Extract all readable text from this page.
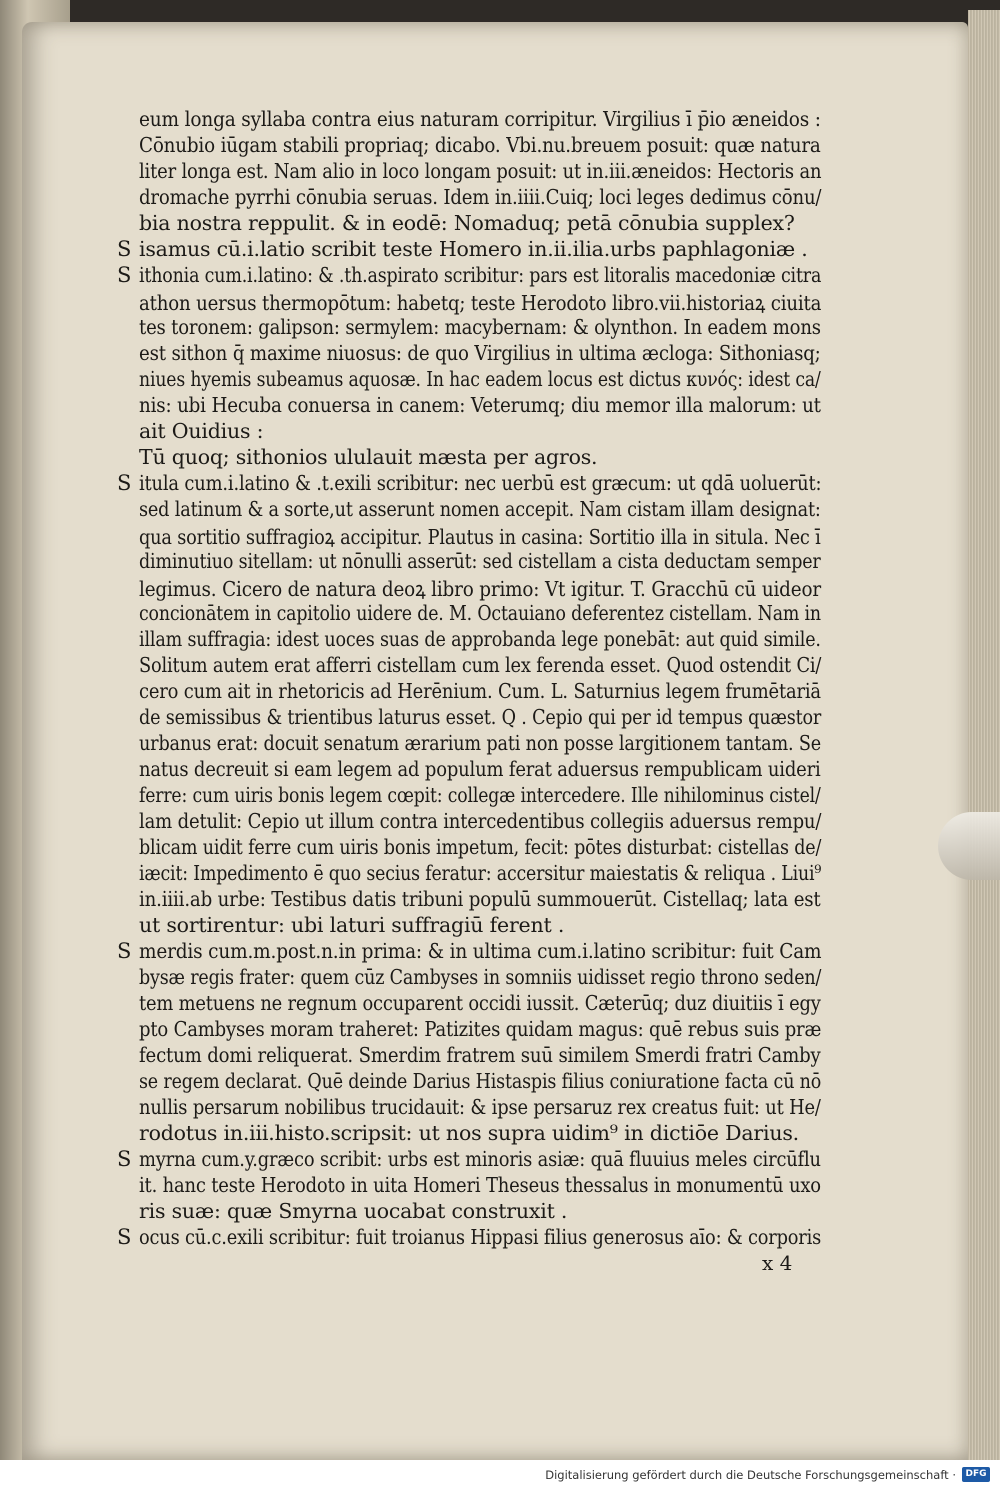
eum longa syllaba contra eius naturam corripitur. Virgilius ī p̄io æneidos :
Cōnubio iūgam stabili propriaq; dicabo. Vbi.nu.breuem posuit: quæ natura
liter longa est. Nam alio in loco longam posuit: ut in.iii.æneidos: Hectoris an
dromache pyrrhi cōnubia seruas. Idem in.iiii.Cuiq; loci leges dedimus cōnu/
bia nostra reppulit. & in eodē: Nomaduq; petā cōnubia supplex?
S isamus cū.i.latio scribit teste Homero in.ii.ilia.urbs paphlagoniæ .
S ithonia cum.i.latino: & .th.aspirato scribitur: pars est litoralis macedoniæ citra
athon uersus thermopōtum: habetq; teste Herodoto libro.vii.historiaꝝ ciuita
tes toronem: galipson: sermylem: macybernam: & olynthon. In eadem mons
est sithon q̄ maxime niuosus: de quo Virgilius in ultima æcloga: Sithoniasq;
niues hyemis subeamus aquosæ. In hac eadem locus est dictus κυνός: idest ca/
nis: ubi Hecuba conuersa in canem: Veterumq; diu memor illa malorum: ut
ait Ouidius :
Tū quoq; sithonios ululauit mæsta per agros.
S itula cum.i.latino & .t.exili scribitur: nec uerbū est græcum: ut qdā uoluerūt:
sed latinum & a sorte,ut asserunt nomen accepit. Nam cistam illam designat:
qua sortitio suffragioꝝ accipitur. Plautus in casina: Sortitio illa in situla. Nec ī
diminutiuo sitellam: ut nōnulli asserūt: sed cistellam a cista deductam semper
legimus. Cicero de natura deoꝝ libro primo: Vt igitur. T. Gracchū cū uideor
concionātem in capitolio uidere de. M. Octauiano deferentez cistellam. Nam in
illam suffragia: idest uoces suas de approbanda lege ponebāt: aut quid simile.
Solitum autem erat afferri cistellam cum lex ferenda esset. Quod ostendit Ci/
cero cum ait in rhetoricis ad Herēnium. Cum. L. Saturnius legem frumētariā
de semissibus & trientibus laturus esset. Q . Cepio qui per id tempus quæstor
urbanus erat: docuit senatum ærarium pati non posse largitionem tantam. Se
natus decreuit si eam legem ad populum ferat aduersus rempublicam uideri
ferre: cum uiris bonis legem cœpit: collegæ intercedere. Ille nihilominus cistel/
lam detulit: Cepio ut illum contra intercedentibus collegiis aduersus rempu/
blicam uidit ferre cum uiris bonis impetum, fecit: pōtes disturbat: cistellas de/
iæcit: Impedimento ē quo secius feratur: accersitur maiestatis & reliqua . Liui⁹
in.iiii.ab urbe: Testibus datis tribuni populū summouerūt. Cistellaq; lata est
ut sortirentur: ubi laturi suffragiū ferent .
S merdis cum.m.post.n.in prima: & in ultima cum.i.latino scribitur: fuit Cam
bysæ regis frater: quem cūz Cambyses in somniis uidisset regio throno seden/
tem metuens ne regnum occuparent occidi iussit. Cæterūq; duz diuitiis ī egy
pto Cambyses moram traheret: Patizites quidam magus: quē rebus suis præ
fectum domi reliquerat. Smerdim fratrem suū similem Smerdi fratri Camby
se regem declarat. Quē deinde Darius Histaspis filius coniuratione facta cū nō
nullis persarum nobilibus trucidauit: & ipse persaruz rex creatus fuit: ut He/
rodotus in.iii.histo.scripsit: ut nos supra uidim⁹ in dictiōe Darius.
S myrna cum.y.græco scribit: urbs est minoris asiæ: quā fluuius meles circūflu
it. hanc teste Herodoto in uita Homeri Theseus thessalus in monumentū uxo
ris suæ: quæ Smyrna uocabat construxit .
S ocus cū.c.exili scribitur: fuit troianus Hippasi filius generosus aīo: & corporis
x 4
Digitalisierung gefördert durch die Deutsche Forschungsgemeinschaft ·	DFG
